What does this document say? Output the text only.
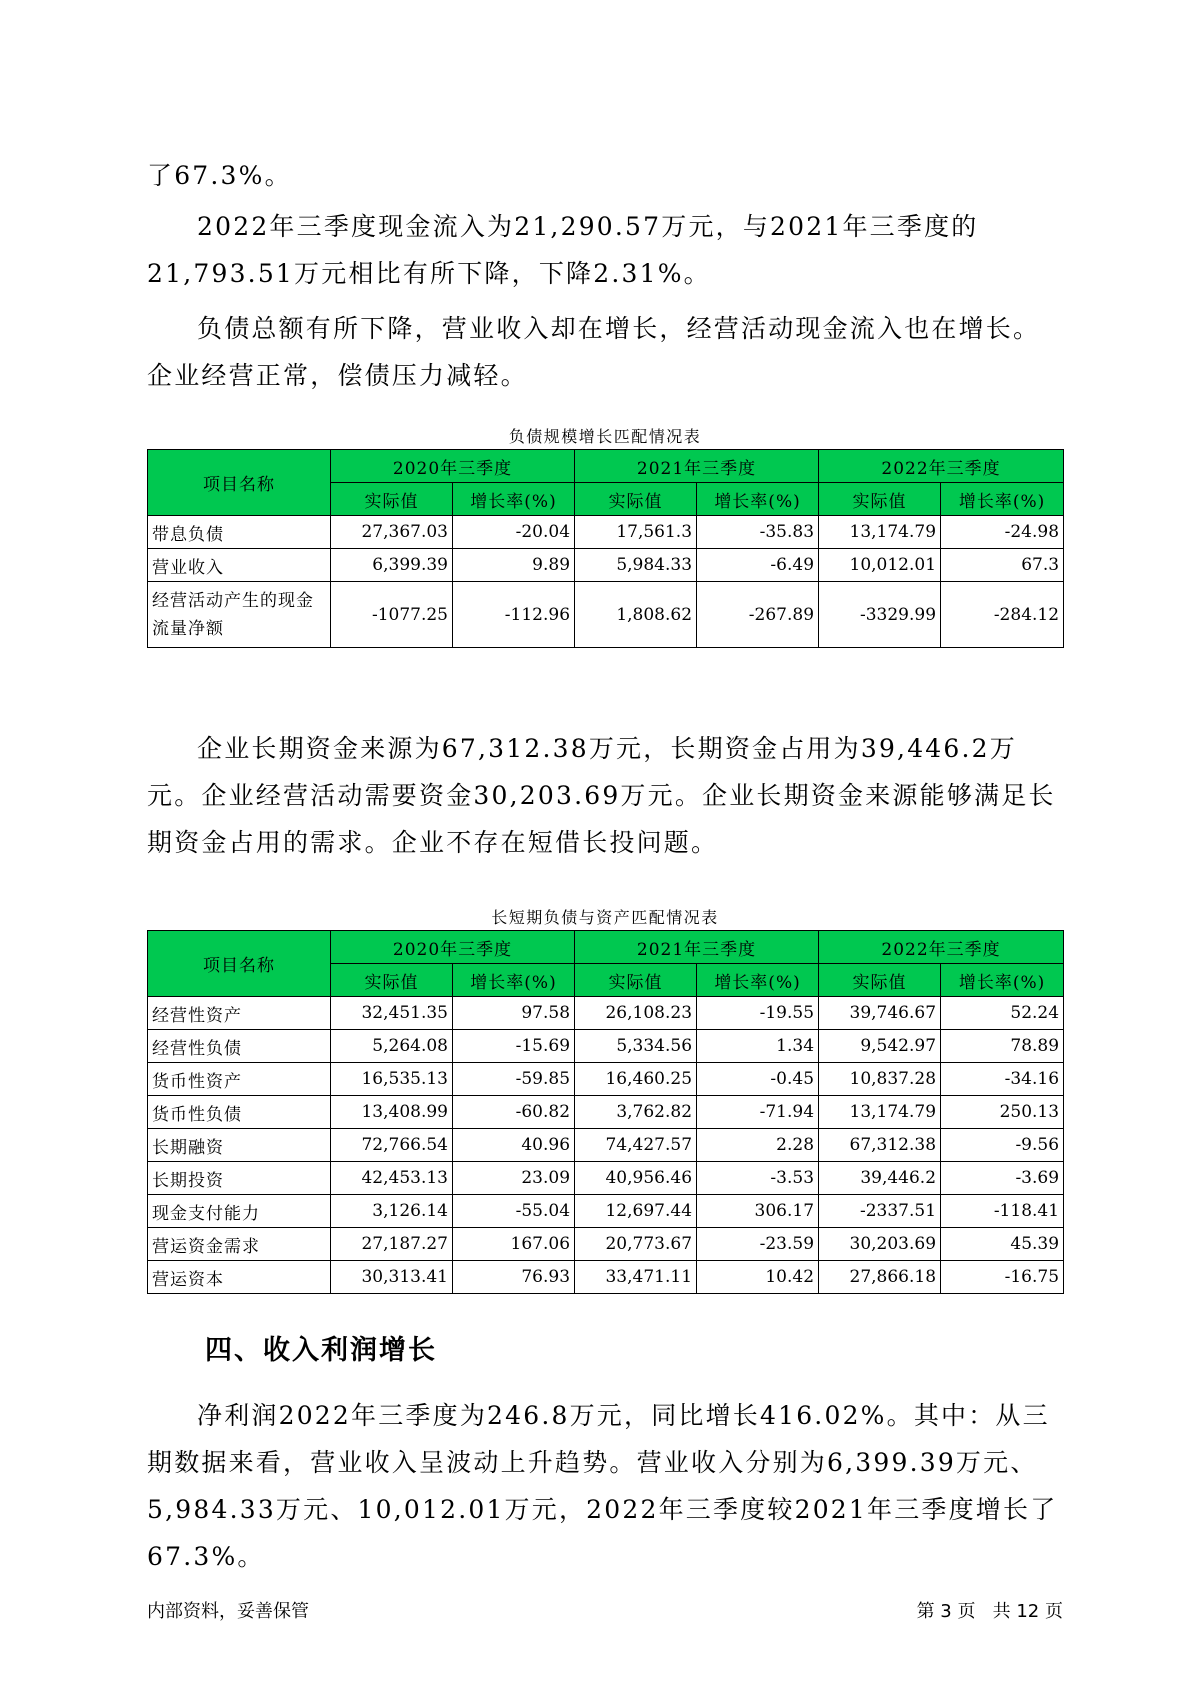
了67.3%。

2022年三季度现金流入为21,290.57万元，与2021年三季度的21,793.51万元相比有所下降，下降2.31%。

负债总额有所下降，营业收入却在增长，经营活动现金流入也在增长。企业经营正常，偿债压力减轻。

负债规模增长匹配情况表
项目名称	2020年三季度		2021年三季度		2022年三季度	
	实际值	增长率(%)	实际值	增长率(%)	实际值	增长率(%)
带息负债	27,367.03	-20.04	17,561.3	-35.83	13,174.79	-24.98
营业收入	6,399.39	9.89	5,984.33	-6.49	10,012.01	67.3
经营活动产生的现金流量净额	-1077.25	-112.96	1,808.62	-267.89	-3329.99	-284.12

企业长期资金来源为67,312.38万元，长期资金占用为39,446.2万元。企业经营活动需要资金30,203.69万元。企业长期资金来源能够满足长期资金占用的需求。企业不存在短借长投问题。

长短期负债与资产匹配情况表
项目名称	2020年三季度		2021年三季度		2022年三季度	
	实际值	增长率(%)	实际值	增长率(%)	实际值	增长率(%)
经营性资产	32,451.35	97.58	26,108.23	-19.55	39,746.67	52.24
经营性负债	5,264.08	-15.69	5,334.56	1.34	9,542.97	78.89
货币性资产	16,535.13	-59.85	16,460.25	-0.45	10,837.28	-34.16
货币性负债	13,408.99	-60.82	3,762.82	-71.94	13,174.79	250.13
长期融资	72,766.54	40.96	74,427.57	2.28	67,312.38	-9.56
长期投资	42,453.13	23.09	40,956.46	-3.53	39,446.2	-3.69
现金支付能力	3,126.14	-55.04	12,697.44	306.17	-2337.51	-118.41
营运资金需求	27,187.27	167.06	20,773.67	-23.59	30,203.69	45.39
营运资本	30,313.41	76.93	33,471.11	10.42	27,866.18	-16.75
四、收入利润增长

净利润2022年三季度为246.8万元，同比增长416.02%。其中：从三期数据来看，营业收入呈波动上升趋势。营业收入分别为6,399.39万元、5,984.33万元、10,012.01万元，2022年三季度较2021年三季度增长了67.3%。

内部资料，妥善保管	第 3 页   共 12 页
